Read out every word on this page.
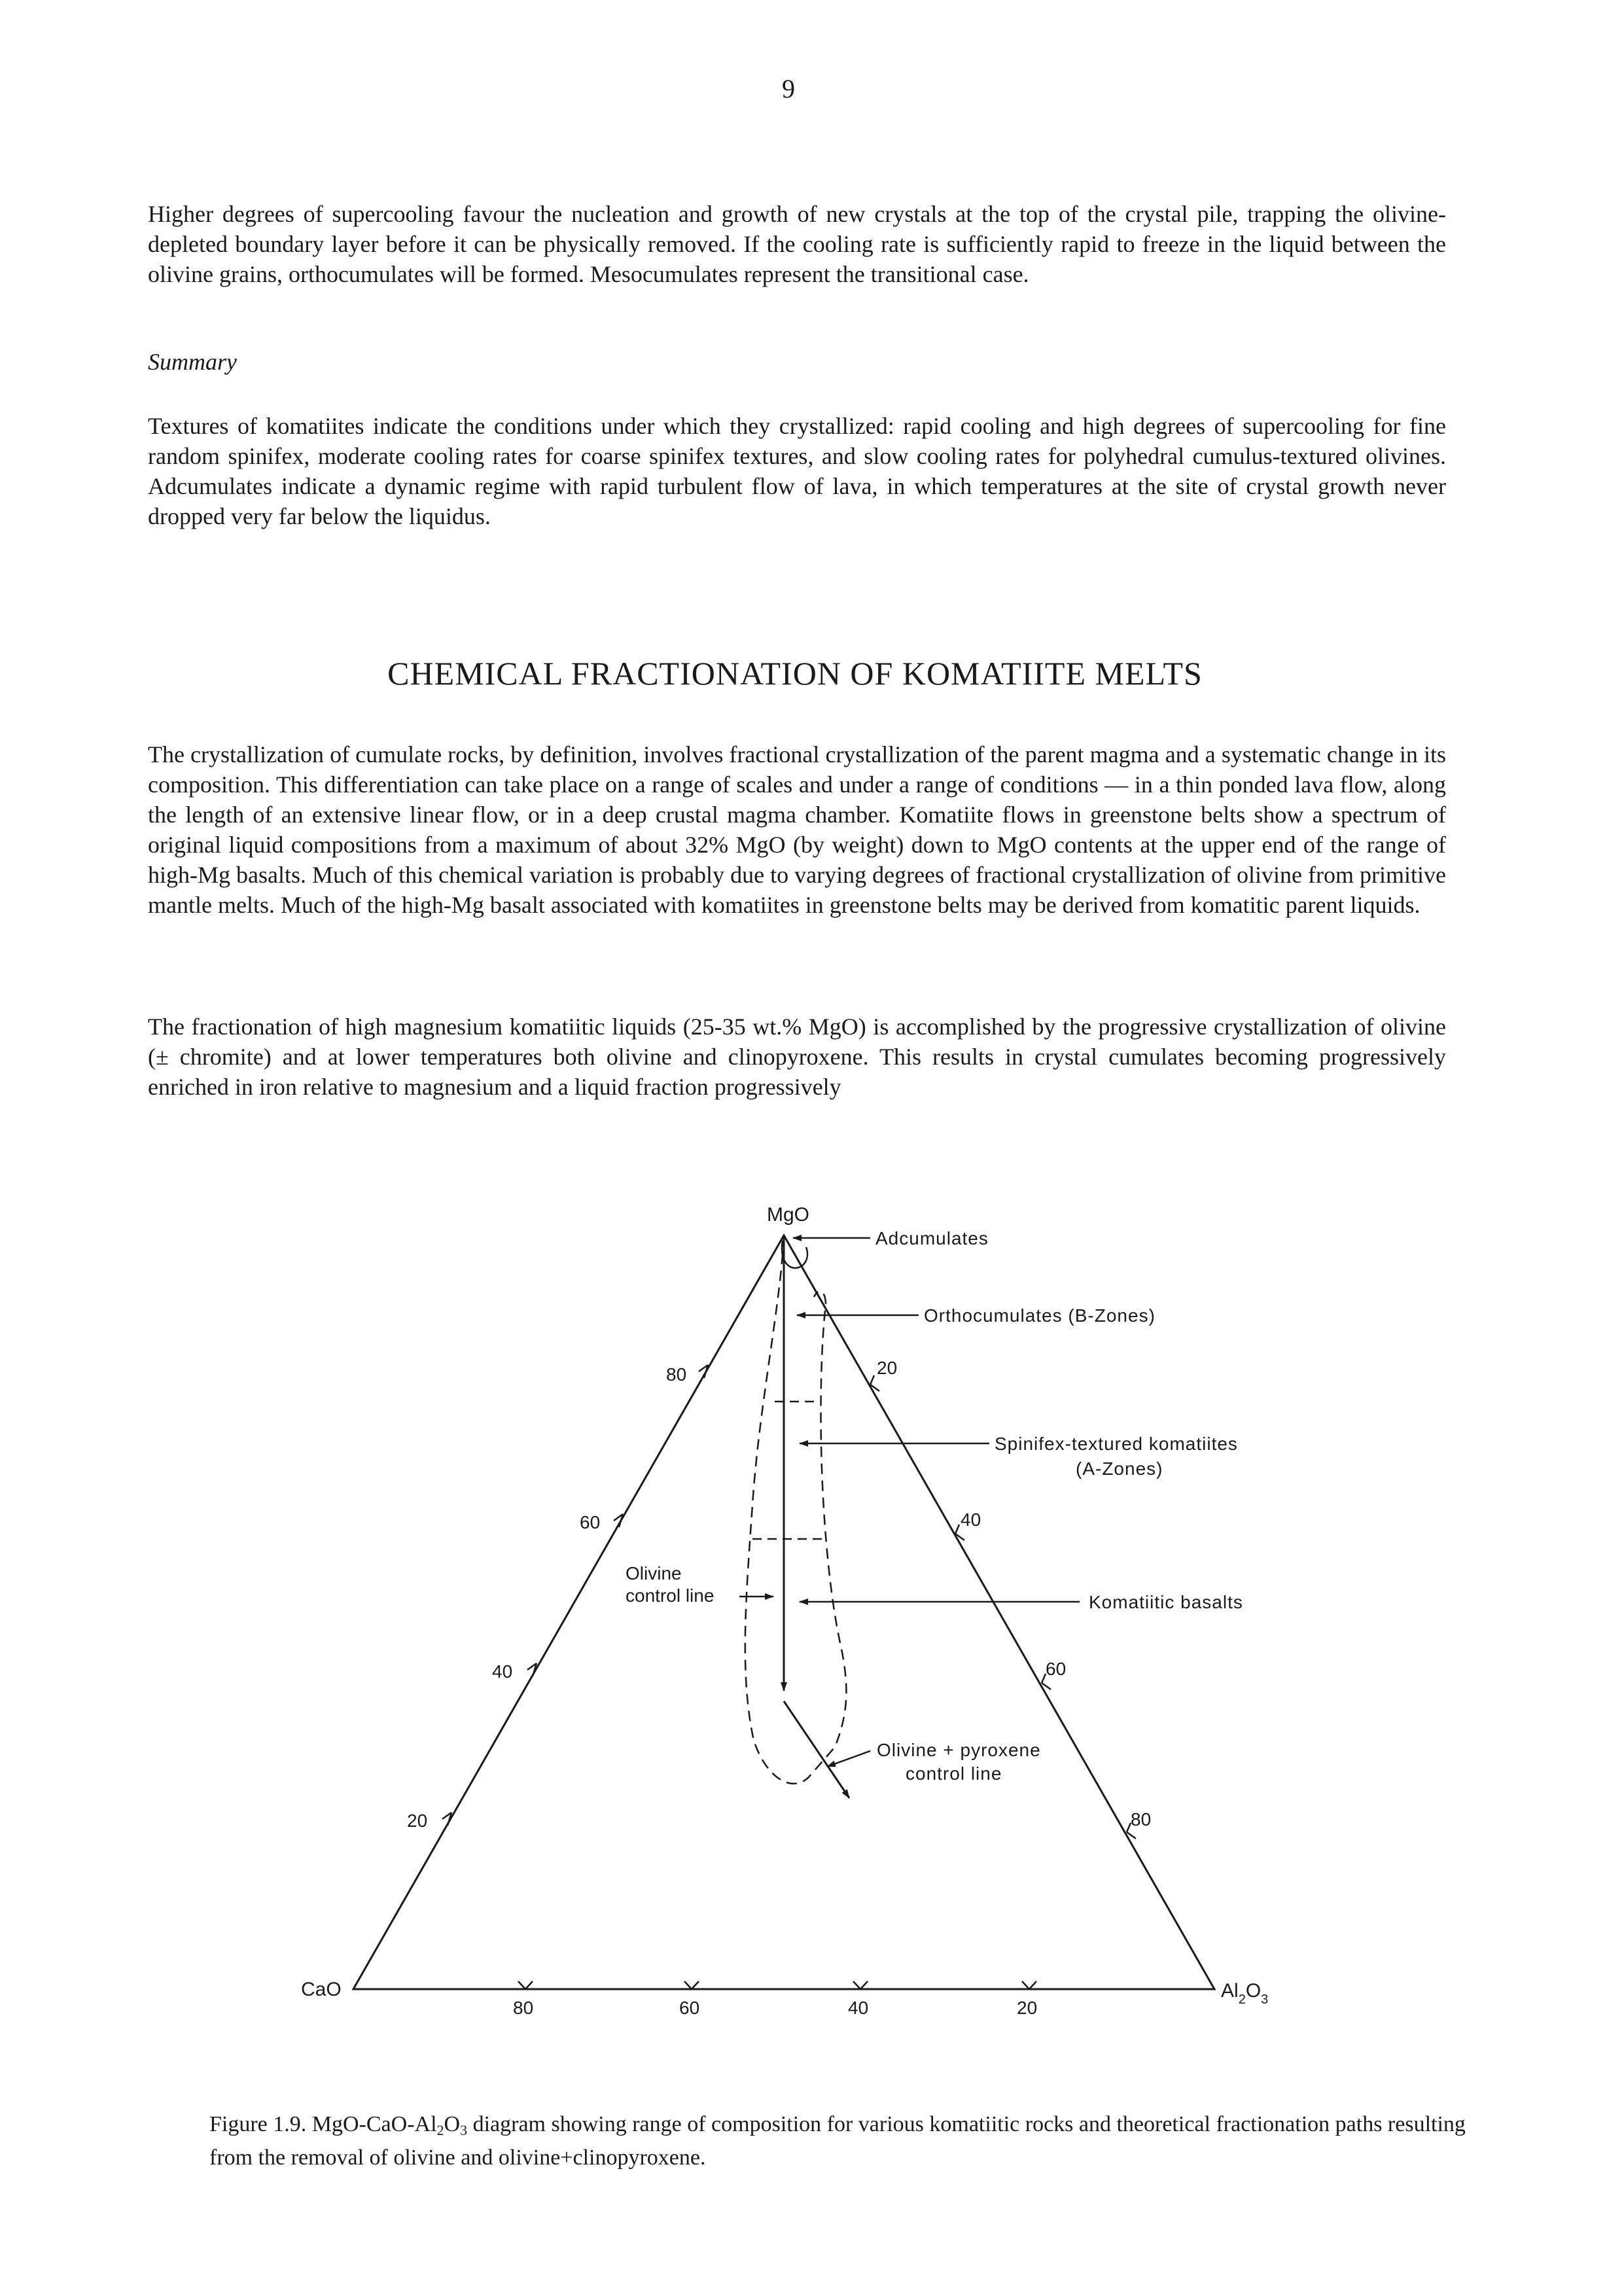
9

Higher degrees of supercooling favour the nucleation and growth of new crystals at the top of the crystal pile, trapping the olivine-depleted boundary layer before it can be physically removed. If the cooling rate is sufficiently rapid to freeze in the liquid between the olivine grains, orthocumulates will be formed. Mesocumulates represent the transitional case.

Summary

Textures of komatiites indicate the conditions under which they crystallized: rapid cooling and high degrees of supercooling for fine random spinifex, moderate cooling rates for coarse spinifex textures, and slow cooling rates for polyhedral cumulus-textured olivines. Adcumulates indicate a dynamic regime with rapid turbulent flow of lava, in which temperatures at the site of crystal growth never dropped very far below the liquidus.

CHEMICAL FRACTIONATION OF KOMATIITE MELTS

The crystallization of cumulate rocks, by definition, involves fractional crystallization of the parent magma and a systematic change in its composition. This differentiation can take place on a range of scales and under a range of conditions — in a thin ponded lava flow, along the length of an extensive linear flow, or in a deep crustal magma chamber. Komatiite flows in greenstone belts show a spectrum of original liquid compositions from a maximum of about 32% MgO (by weight) down to MgO contents at the upper end of the range of high-Mg basalts. Much of this chemical variation is probably due to varying degrees of fractional crystallization of olivine from primitive mantle melts. Much of the high-Mg basalt associated with komatiites in greenstone belts may be derived from komatitic parent liquids.

The fractionation of high magnesium komatiitic liquids (25-35 wt.% MgO) is accomplished by the progressive crystallization of olivine (± chromite) and at lower temperatures both olivine and clinopyroxene. This results in crystal cumulates becoming progressively enriched in iron relative to magnesium and a liquid fraction progressively

MgO
CaO	$Al_2O_3$
80
60
40
20
20
40
60
80
80	60	40	20
Adcumulates
Orthocumulates (B-Zones)
Spinifex-textured komatiites
(A-Zones)
Komatiitic basalts
Olivine
control line
Olivine + pyroxene
control line

Figure 1.9. MgO-$CaO-Al_2O_3$ diagram showing range of composition for various komatiitic rocks and theoretical fractionation paths resulting from the removal of olivine and olivine+clinopyroxene.
